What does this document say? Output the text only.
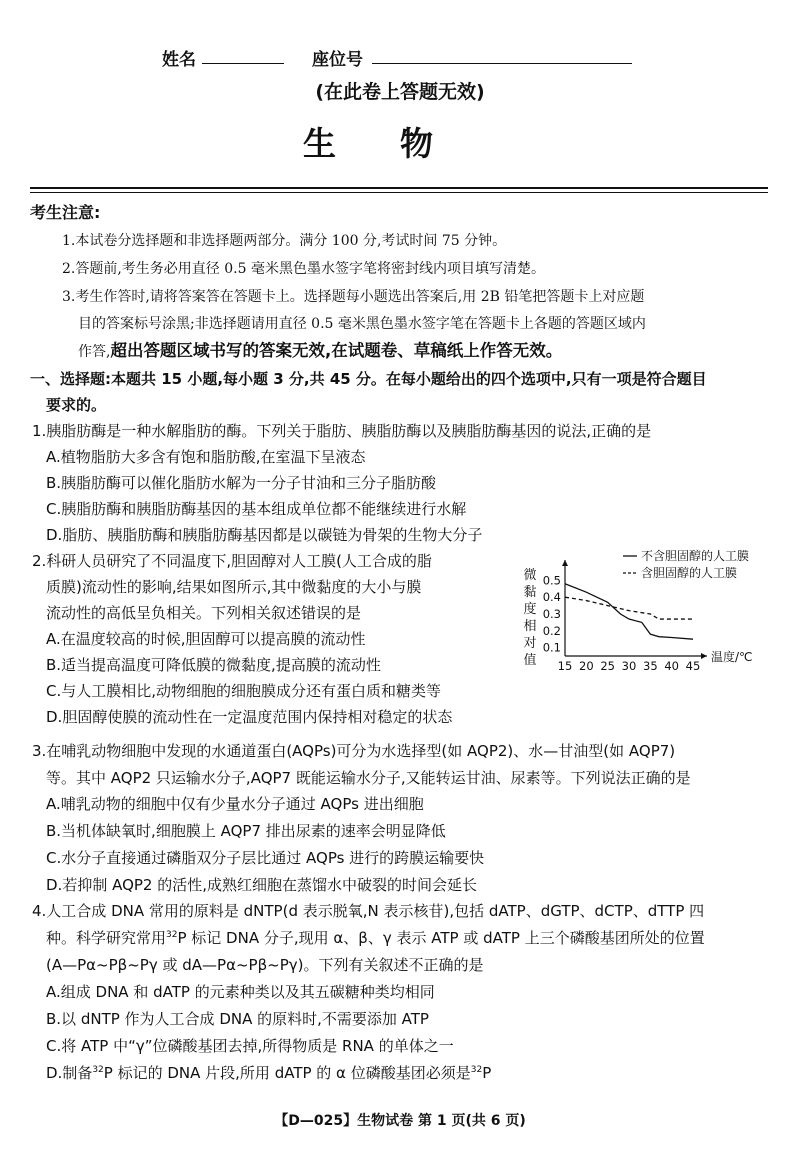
姓名	座位号
(在此卷上答题无效)
生物
考生注意:
1.本试卷分选择题和非选择题两部分。满分 100 分,考试时间 75 分钟。
2.答题前,考生务必用直径 0.5 毫米黑色墨水签字笔将密封线内项目填写清楚。
3.考生作答时,请将答案答在答题卡上。选择题每小题选出答案后,用 2B 铅笔把答题卡上对应题
目的答案标号涂黑;非选择题请用直径 0.5 毫米黑色墨水签字笔在答题卡上各题的答题区域内
作答,超出答题区域书写的答案无效,在试题卷、草稿纸上作答无效。
一、选择题:本题共 15 小题,每小题 3 分,共 45 分。在每小题给出的四个选项中,只有一项是符合题目
要求的。
1.胰脂肪酶是一种水解脂肪的酶。下列关于脂肪、胰脂肪酶以及胰脂肪酶基因的说法,正确的是
A.植物脂肪大多含有饱和脂肪酸,在室温下呈液态
B.胰脂肪酶可以催化脂肪水解为一分子甘油和三分子脂肪酸
C.胰脂肪酶和胰脂肪酶基因的基本组成单位都不能继续进行水解
D.脂肪、胰脂肪酶和胰脂肪酶基因都是以碳链为骨架的生物大分子
2.科研人员研究了不同温度下,胆固醇对人工膜(人工合成的脂
质膜)流动性的影响,结果如图所示,其中微黏度的大小与膜
流动性的高低呈负相关。下列相关叙述错误的是
A.在温度较高的时候,胆固醇可以提高膜的流动性
B.适当提高温度可降低膜的微黏度,提高膜的流动性
C.与人工膜相比,动物细胞的细胞膜成分还有蛋白质和糖类等
D.胆固醇使膜的流动性在一定温度范围内保持相对稳定的状态
微
黏
度
相
对
值
0.1
0.2
0.3
0.4
0.5
15 20 25 30 35 40 45
温度/℃
不含胆固醇的人工膜
含胆固醇的人工膜
3.在哺乳动物细胞中发现的水通道蛋白(AQPs)可分为水选择型(如 AQP2)、水—甘油型(如 AQP7)
等。其中 AQP2 只运输水分子,AQP7 既能运输水分子,又能转运甘油、尿素等。下列说法正确的是
A.哺乳动物的细胞中仅有少量水分子通过 AQPs 进出细胞
B.当机体缺氧时,细胞膜上 AQP7 排出尿素的速率会明显降低
C.水分子直接通过磷脂双分子层比通过 AQPs 进行的跨膜运输要快
D.若抑制 AQP2 的活性,成熟红细胞在蒸馏水中破裂的时间会延长
4.人工合成 DNA 常用的原料是 dNTP(d 表示脱氧,N 表示核苷),包括 dATP、dGTP、dCTP、dTTP 四
种。科学研究常用$^{32}$P 标记 DNA 分子,现用 α、β、γ 表示 ATP 或 dATP 上三个磷酸基团所处的位置
(A—Pα~Pβ~Pγ 或 dA—Pα~Pβ~Pγ)。下列有关叙述不正确的是
A.组成 DNA 和 dATP 的元素种类以及其五碳糖种类均相同
B.以 dNTP 作为人工合成 DNA 的原料时,不需要添加 ATP
C.将 ATP 中“γ”位磷酸基团去掉,所得物质是 RNA 的单体之一
D.制备$^{32}$P 标记的 DNA 片段,所用 dATP 的 α 位磷酸基团必须是$^{32}$P
【D—025】生物试卷 第 1 页(共 6 页)
